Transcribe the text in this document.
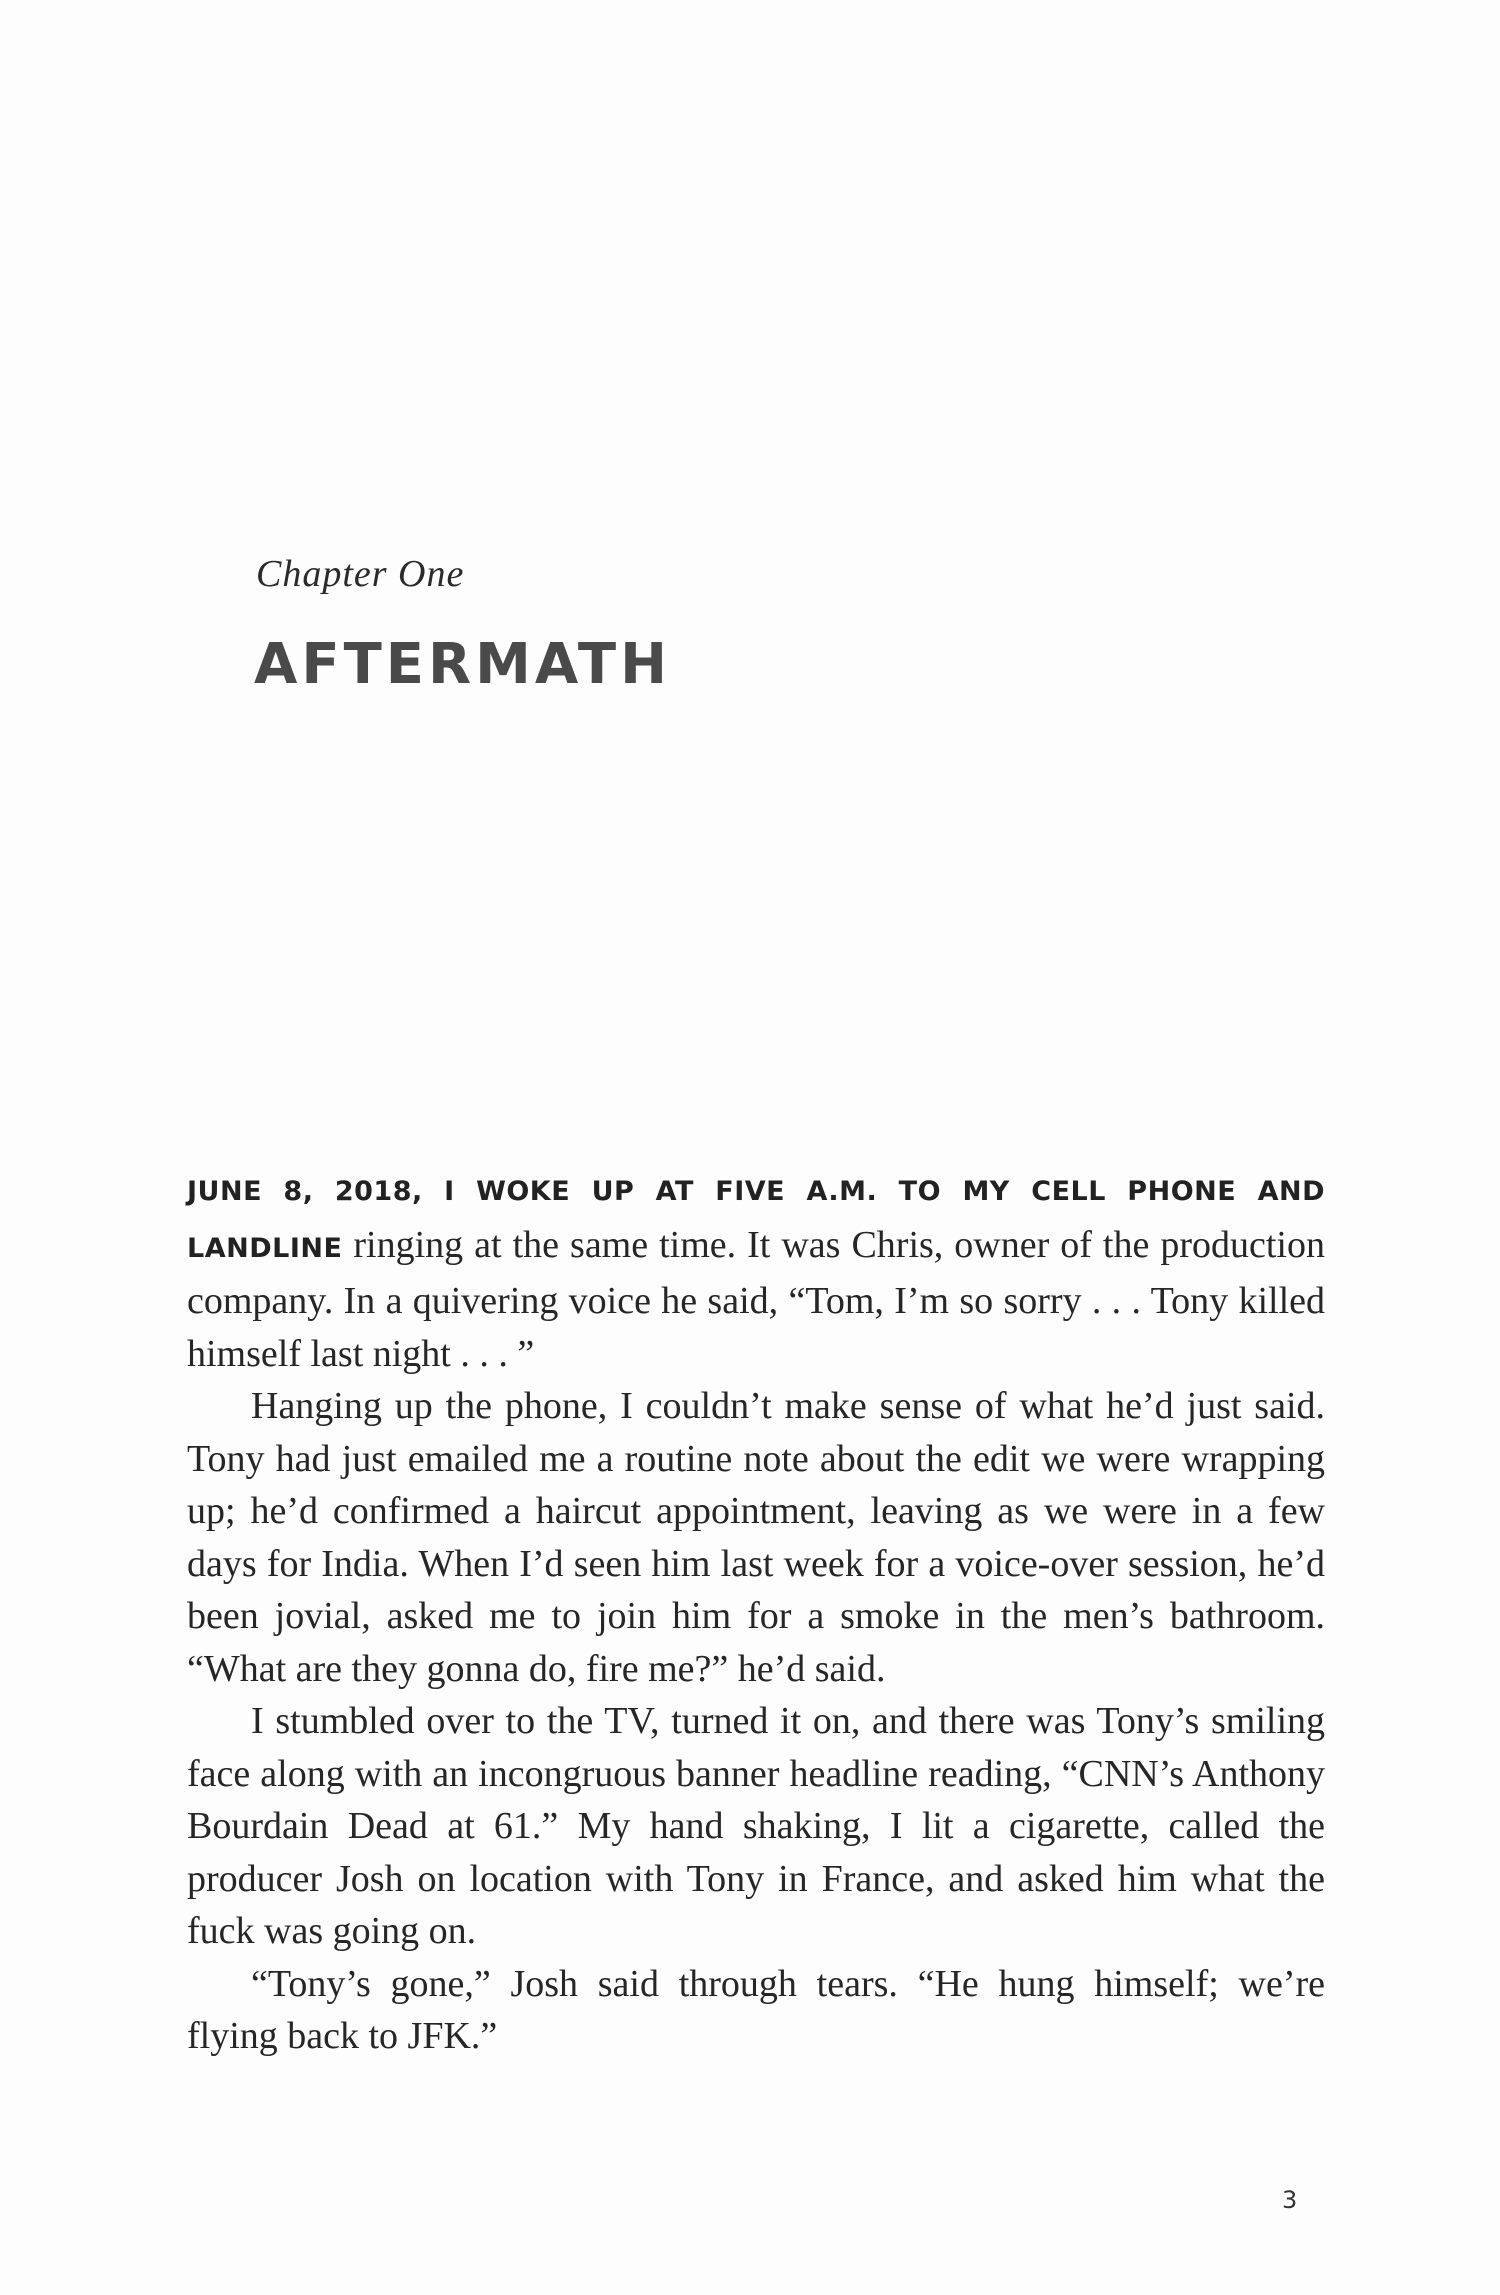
Chapter One

AFTERMATH

JUNE 8, 2018, I WOKE UP AT FIVE A.M. TO MY CELL PHONE AND LANDLINE ringing at the same time. It was Chris, owner of the production company. In a quivering voice he said, “Tom, I’m so sorry . . . Tony killed himself last night . . . ”

Hanging up the phone, I couldn’t make sense of what he’d just said. Tony had just emailed me a routine note about the edit we were wrapping up; he’d confirmed a haircut appointment, leaving as we were in a few days for India. When I’d seen him last week for a voice-over session, he’d been jovial, asked me to join him for a smoke in the men’s bathroom. “What are they gonna do, fire me?” he’d said.

I stumbled over to the TV, turned it on, and there was Tony’s smiling face along with an incongruous banner headline reading, “CNN’s Anthony Bourdain Dead at 61.” My hand shaking, I lit a cigarette, called the producer Josh on location with Tony in France, and asked him what the fuck was going on.

“Tony’s gone,” Josh said through tears. “He hung himself; we’re flying back to JFK.”

3
